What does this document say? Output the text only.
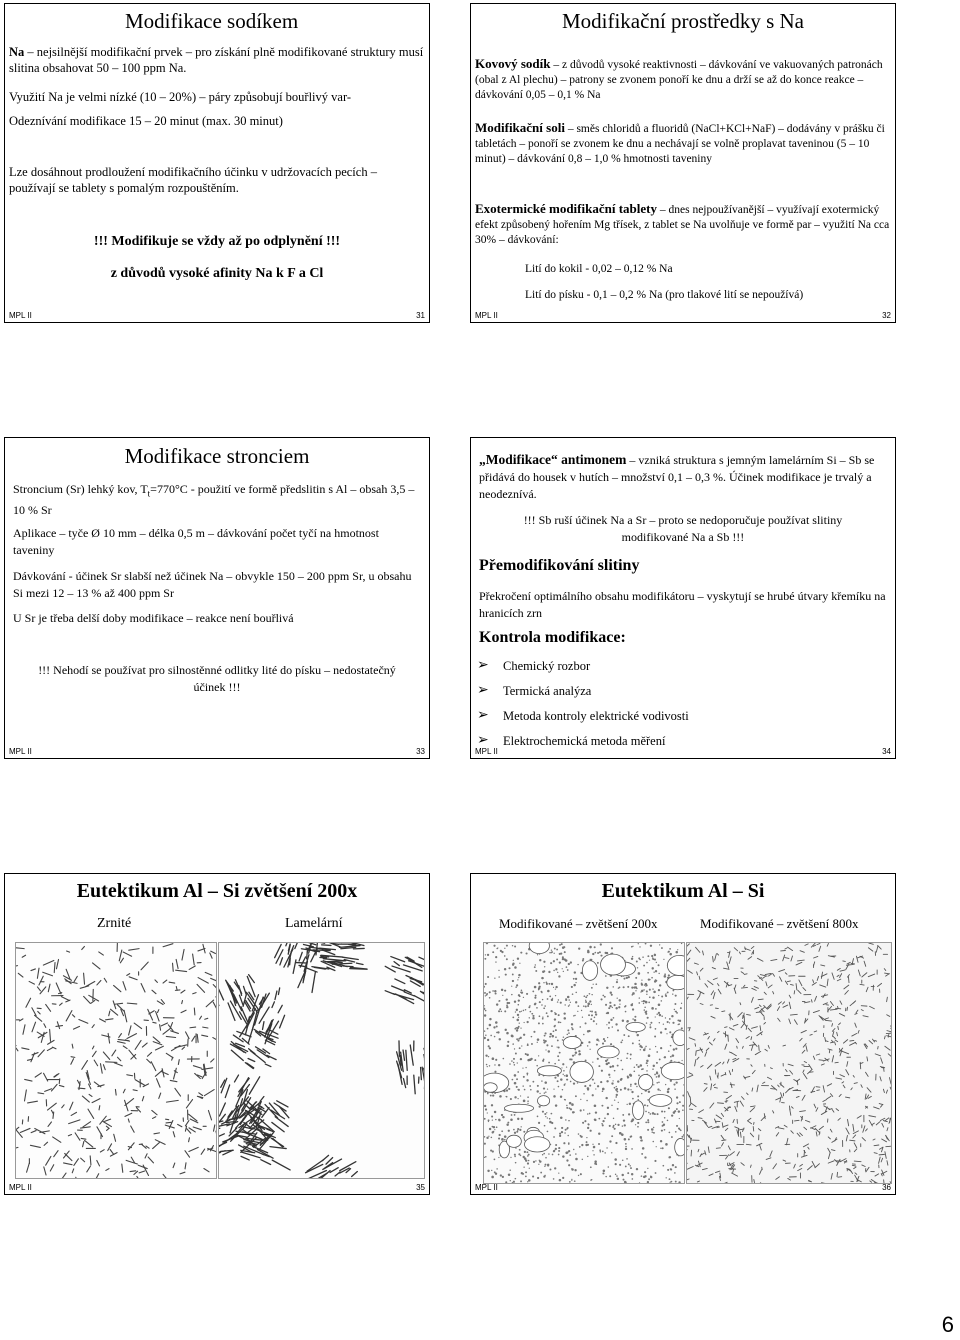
Modifikace sodíkem

Na – nejsilnější modifikační prvek – pro získání plně modifikované struktury musí slitina obsahovat 50 – 100 ppm Na.

Využití Na je velmi nízké (10 – 20%) – páry způsobují bouřlivý var-

Odeznívání modifikace 15 – 20 minut (max. 30 minut)

Lze dosáhnout prodloužení modifikačního účinku v udržovacích pecích – používají se tablety s pomalým rozpouštěním.

!!! Modifikuje se vždy až po odplynění !!!

z důvodů vysoké afinity Na k F a Cl

MPL II	31
Modifikační prostředky s Na

Kovový sodík – z důvodů vysoké reaktivnosti – dávkování ve vakuovaných patronách (obal z Al plechu) – patrony se zvonem ponoří ke dnu a drží se až do konce reakce – dávkování 0,05 – 0,1 % Na

Modifikační soli – směs chloridů a fluoridů (NaCl+KCl+NaF) – dodávány v prášku či tabletách – ponoří se zvonem ke dnu a nechávají se volně proplavat taveninou (5 – 10 minut) – dávkování 0,8 – 1,0 % hmotnosti taveniny

Exotermické modifikační tablety – dnes nejpoužívanější – využívají exotermický efekt způsobený hořením Mg třísek, z tablet se Na uvolňuje ve formě par – využití Na cca 30% – dávkování:

Lití do kokil - 0,02 – 0,12 % Na

Lití do písku - 0,1 – 0,2 % Na (pro tlakové lití se nepoužívá)

MPL II	32
Modifikace stronciem

Stroncium (Sr) lehký kov, $T_t=770^\circ C$ - použití ve formě předslitin s Al – obsah 3,5 – 10 % Sr

Aplikace – tyče Ø 10 mm – délka 0,5 m – dávkování počet tyčí na hmotnost taveniny

Dávkování - účinek Sr slabší než účinek Na – obvykle 150 – 200 ppm Sr, u obsahu Si mezi 12 – 13 % až 400 ppm Sr

U Sr je třeba delší doby modifikace – reakce není bouřlivá

!!! Nehodí se používat pro silnostěnné odlitky lité do písku – nedostatečný účinek !!!

MPL II	33

„Modifikace“ antimonem – vzniká struktura s jemným lamelárním Si – Sb se přidává do housek v hutích – množství 0,1 – 0,3 %. Účinek modifikace je trvalý a neodeznívá.

!!! Sb ruší účinek Na a Sr – proto se nedoporučuje používat slitiny modifikované Na a Sb !!!

Přemodifikování slitiny

Překročení optimálního obsahu modifikátoru – vyskytují se hrubé útvary křemíku na hranicích zrn

Kontrola modifikace:

➢	Chemický rozbor
➢	Termická analýza
➢	Metoda kontroly elektrické vodivosti
➢	Elektrochemická metoda měření
MPL II	34
Eutektikum Al – Si zvětšení 200x
Zrnité	Lamelární
MPL II	35
Eutektikum Al – Si
Modifikované – zvětšení 200x	Modifikované – zvětšení 800x
MPL II	36
6
